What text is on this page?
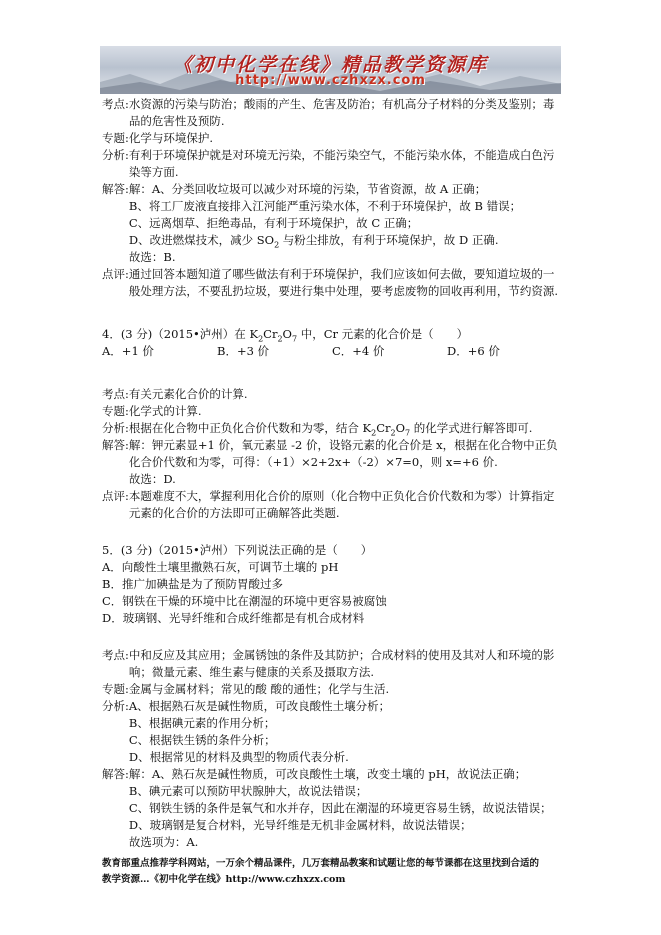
《初中化学在线》精品教学资源库
http://www.czhxzx.com
考点: 水资源的污染与防治；酸雨的产生、危害及防治；有机高分子材料的分类及鉴别；毒品的危害性及预防.
专题: 化学与环境保护.
分析: 有利于环境保护就是对环境无污染，不能污染空气，不能污染水体，不能造成白色污染等方面.
解答: 解：A、分类回收垃圾可以减少对环境的污染，节省资源，故 A 正确；
B、将工厂废液直接排入江河能严重污染水体，不利于环境保护，故 B 错误；
C、远离烟草、拒绝毒品，有利于环境保护，故 C 正确；
D、改进燃煤技术，减少 $SO_2$ 与粉尘排放，有利于环境保护，故 D 正确.
故选：B.
点评: 通过回答本题知道了哪些做法有利于环境保护，我们应该如何去做，要知道垃圾的一般处理方法，不要乱扔垃圾，要进行集中处理，要考虑废物的回收再利用，节约资源.
4．(3 分)（2015•泸州）在 $K_2Cr_2O_7$ 中，Cr 元素的化合价是（　　）
A．+1 价	B．+3 价	C．+4 价	D．+6 价
考点: 有关元素化合价的计算.
专题: 化学式的计算.
分析: 根据在化合物中正负化合价代数和为零，结合 $K_2Cr_2O_7$ 的化学式进行解答即可.
解答: 解：钾元素显+1 价，氧元素显 -2 价，设铬元素的化合价是 x，根据在化合物中正负化合价代数和为零，可得：（+1）×2+2x+（-2）×7=0，则 x=+6 价.
故选：D.
点评: 本题难度不大，掌握利用化合价的原则（化合物中正负化合价代数和为零）计算指定元素的化合价的方法即可正确解答此类题.
5．(3 分)（2015•泸州）下列说法正确的是（　　）
A．向酸性土壤里撒熟石灰，可调节土壤的 pH
B．推广加碘盐是为了预防胃酸过多
C．钢铁在干燥的环境中比在潮湿的环境中更容易被腐蚀
D．玻璃钢、光导纤维和合成纤维都是有机合成材料
考点: 中和反应及其应用；金属锈蚀的条件及其防护；合成材料的使用及其对人和环境的影响；微量元素、维生素与健康的关系及摄取方法.
专题: 金属与金属材料；常见的酸 酸的通性；化学与生活.
分析: A、根据熟石灰是碱性物质，可改良酸性土壤分析；
B、根据碘元素的作用分析；
C、根据铁生锈的条件分析；
D、根据常见的材料及典型的物质代表分析.
解答: 解：A、熟石灰是碱性物质，可改良酸性土壤，改变土壤的 pH，故说法正确；
B、碘元素可以预防甲状腺肿大，故说法错误；
C、钢铁生锈的条件是氧气和水并存，因此在潮湿的环境更容易生锈，故说法错误；
D、玻璃钢是复合材料，光导纤维是无机非金属材料，故说法错误；
故选项为：A.
教育部重点推荐学科网站，一万余个精品课件，几万套精品教案和试题让您的每节课都在这里找到合适的
教学资源…《初中化学在线》http://www.czhxzx.com
